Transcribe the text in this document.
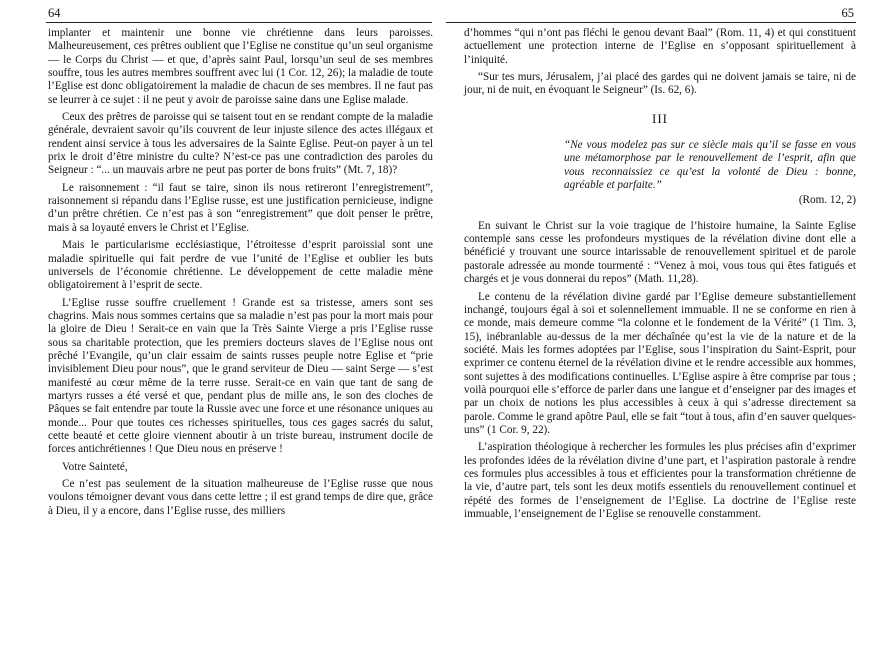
64

implanter et maintenir une bonne vie chrétienne dans leurs paroisses. Malheureusement, ces prêtres oublient que l’Eglise ne constitue qu’un seul organisme — le Corps du Christ — et que, d’après saint Paul, lorsqu’un seul de ses membres souffre, tous les autres membres souffrent avec lui (1 Cor. 12, 26); la maladie de toute l’Eglise est donc obligatoirement la maladie de chacun de ses membres. Il ne faut pas se leurrer à ce sujet : il ne peut y avoir de paroisse saine dans une Eglise malade.

Ceux des prêtres de paroisse qui se taisent tout en se rendant compte de la maladie générale, devraient savoir qu’ils couvrent de leur injuste silence des actes illégaux et rendent ainsi service à tous les adversaires de la Sainte Eglise. Peut-on payer à un tel prix le droit d’être ministre du culte? N’est-ce pas une contradiction des paroles du Seigneur : “... un mauvais arbre ne peut pas porter de bons fruits” (Mt. 7, 18)?

Le raisonnement : “il faut se taire, sinon ils nous retireront l’enregistrement”, raisonnement si répandu dans l’Eglise russe, est une justification pernicieuse, indigne d’un prêtre chrétien. Ce n’est pas à son “enregistrement” que doit penser le prêtre, mais à sa loyauté envers le Christ et l’Eglise.

Mais le particularisme ecclésiastique, l’étroitesse d’esprit paroissial sont une maladie spirituelle qui fait perdre de vue l’unité de l’Eglise et oublier les buts universels de l’économie chrétienne. Le développement de cette maladie mène obligatoirement à l’esprit de secte.

L’Eglise russe souffre cruellement ! Grande est sa tristesse, amers sont ses chagrins. Mais nous sommes certains que sa maladie n’est pas pour la mort mais pour la gloire de Dieu ! Serait-ce en vain que la Très Sainte Vierge a pris l’Eglise russe sous sa charitable protection, que les premiers docteurs slaves de l’Eglise nous ont prêché l’Evangile, qu’un clair essaim de saints russes peuple notre Eglise et “prie invisiblement Dieu pour nous”, que le grand serviteur de Dieu — saint Serge — s’est manifesté au cœur même de la terre russe. Serait-ce en vain que tant de sang de martyrs russes a été versé et que, pendant plus de mille ans, le son des cloches de Pâques se fait entendre par toute la Russie avec une force et une résonance uniques au monde... Pour que toutes ces richesses spirituelles, tous ces gages sacrés du salut, cette beauté et cette gloire viennent aboutir à un triste bureau, instrument docile de forces antichrétiennes ! Que Dieu nous en préserve !

Votre Sainteté,

Ce n’est pas seulement de la situation malheureuse de l’Eglise russe que nous voulons témoigner devant vous dans cette lettre ; il est grand temps de dire que, grâce à Dieu, il y a encore, dans l’Eglise russe, des milliers

65

d’hommes “qui n’ont pas fléchi le genou devant Baal” (Rom. 11, 4) et qui constituent actuellement une protection interne de l’Eglise en s’opposant spirituellement à l’iniquité.

“Sur tes murs, Jérusalem, j’ai placé des gardes qui ne doivent jamais se taire, ni de jour, ni de nuit, en évoquant le Seigneur” (Is. 62, 6).

III

“Ne vous modelez pas sur ce siècle mais qu’il se fasse en vous une métamorphose par le renouvellement de l’esprit, afin que vous reconnaissiez ce qu’est la volonté de Dieu : bonne, agréable et parfaite.”

(Rom. 12, 2)

En suivant le Christ sur la voie tragique de l’histoire humaine, la Sainte Eglise contemple sans cesse les profondeurs mystiques de la révélation divine dont elle a bénéficié y trouvant une source intarissable de renouvellement spirituel et de parole pastorale adressée au monde tourmenté : “Venez à moi, vous tous qui êtes fatigués et chargés et je vous donnerai du repos” (Math. 11,28).

Le contenu de la révélation divine gardé par l’Eglise demeure substantiellement inchangé, toujours égal à soi et solennellement immuable. Il ne se conforme en rien à ce monde, mais demeure comme “la colonne et le fondement de la Vérité” (1 Tim. 3, 15), inébranlable au-dessus de la mer déchaînée qu’est la vie de la nature et de la société. Mais les formes adoptées par l’Eglise, sous l’inspiration du Saint-Esprit, pour exprimer ce contenu éternel de la révélation divine et le rendre accessible aux hommes, sont sujettes à des modifications continuelles. L’Eglise aspire à être comprise par tous ; voilà pourquoi elle s’efforce de parler dans une langue et d’enseigner par des images et par un choix de notions les plus accessibles à ceux à qui s’adresse directement sa parole. Comme le grand apôtre Paul, elle se fait “tout à tous, afin d’en sauver quelques-uns” (1 Cor. 9, 22).

L’aspiration théologique à rechercher les formules les plus précises afin d’exprimer les profondes idées de la révélation divine d’une part, et l’aspiration pastorale à rendre ces formules plus accessibles à tous et efficientes pour la transformation chrétienne de la vie, d’autre part, tels sont les deux motifs essentiels du renouvellement continuel et répété des formes de l’enseignement de l’Eglise. La doctrine de l’Eglise reste immuable, l’enseignement de l’Eglise se renouvelle constamment.
